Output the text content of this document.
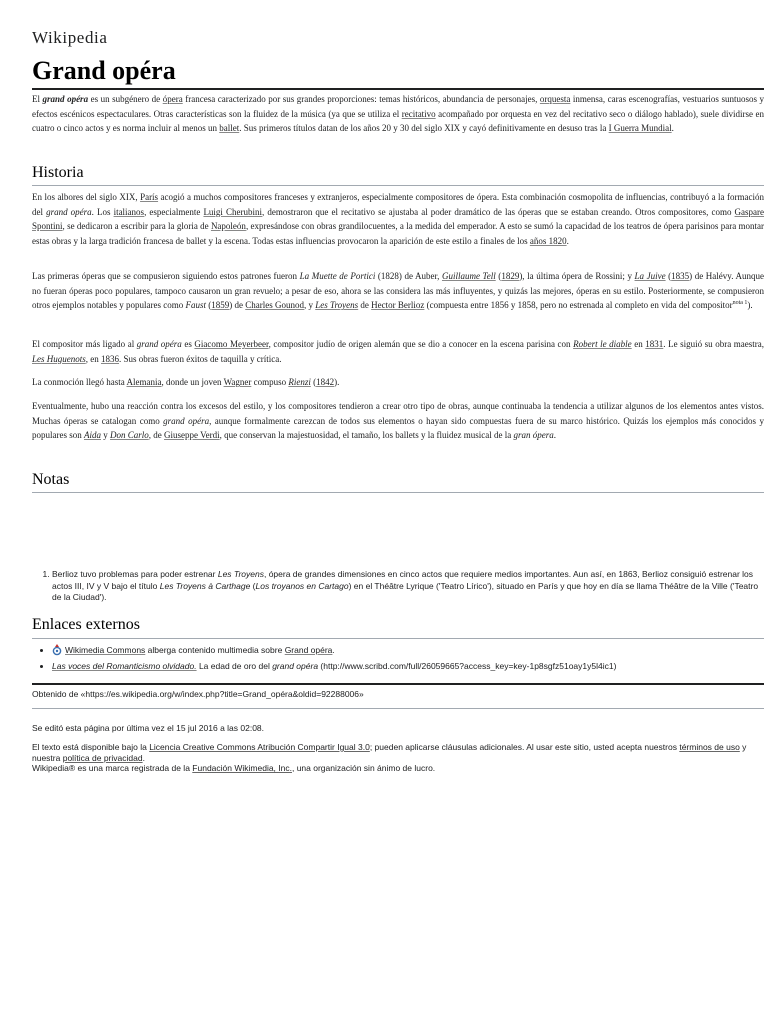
Wikipedia
Grand opéra

El grand opéra es un subgénero de ópera francesa caracterizado por sus grandes proporciones: temas históricos, abundancia de personajes, orquesta inmensa, caras escenografías, vestuarios suntuosos y efectos escénicos espectaculares. Otras características son la fluidez de la música (ya que se utiliza el recitativo acompañado por orquesta en vez del recitativo seco o diálogo hablado), suele dividirse en cuatro o cinco actos y es norma incluir al menos un ballet. Sus primeros títulos datan de los años 20 y 30 del siglo XIX y cayó definitivamente en desuso tras la I Guerra Mundial.

Historia

En los albores del siglo XIX, París acogió a muchos compositores franceses y extranjeros, especialmente compositores de ópera. Esta combinación cosmopolita de influencias, contribuyó a la formación del grand opéra. Los italianos, especialmente Luigi Cherubini, demostraron que el recitativo se ajustaba al poder dramático de las óperas que se estaban creando. Otros compositores, como Gaspare Spontini, se dedicaron a escribir para la gloria de Napoleón, expresándose con obras grandilocuentes, a la medida del emperador. A esto se sumó la capacidad de los teatros de ópera parisinos para montar estas obras y la larga tradición francesa de ballet y la escena. Todas estas influencias provocaron la aparición de este estilo a finales de los años 1820.

Las primeras óperas que se compusieron siguiendo estos patrones fueron La Muette de Portici (1828) de Auber, Guillaume Tell (1829), la última ópera de Rossini; y La Juive (1835) de Halévy. Aunque no fueran óperas poco populares, tampoco causaron un gran revuelo; a pesar de eso, ahora se las considera las más influyentes, y quizás las mejores, óperas en su estilo. Posteriormente, se compusieron otros ejemplos notables y populares como Faust (1859) de Charles Gounod, y Les Troyens de Hector Berlioz (compuesta entre 1856 y 1858, pero no estrenada al completo en vida del compositor$^{nota 1}$).

El compositor más ligado al grand opéra es Giacomo Meyerbeer, compositor judío de origen alemán que se dio a conocer en la escena parisina con Robert le diable en 1831. Le siguió su obra maestra, Les Huguenots, en 1836. Sus obras fueron éxitos de taquilla y crítica.

La conmoción llegó hasta Alemania, donde un joven Wagner compuso Rienzi (1842).

Eventualmente, hubo una reacción contra los excesos del estilo, y los compositores tendieron a crear otro tipo de obras, aunque continuaba la tendencia a utilizar algunos de los elementos antes vistos. Muchas óperas se catalogan como grand opéra, aunque formalmente carezcan de todos sus elementos o hayan sido compuestas fuera de su marco histórico. Quizás los ejemplos más conocidos y populares son Aida y Don Carlo, de Giuseppe Verdi, que conservan la majestuosidad, el tamaño, los ballets y la fluidez musical de la gran ópera.

Notas
1. Berlioz tuvo problemas para poder estrenar Les Troyens, ópera de grandes dimensiones en cinco actos que requiere medios importantes. Aun así, en 1863, Berlioz consiguió estrenar los actos III, IV y V bajo el título Les Troyens à Carthage (Los troyanos en Cartago) en el Théâtre Lyrique ('Teatro Lírico'), situado en París y que hoy en día se llama Théâtre de la Ville ('Teatro de la Ciudad').
Enlaces externos
• Wikimedia Commons alberga contenido multimedia sobre Grand opéra.
• Las voces del Romanticismo olvidado. La edad de oro del grand opéra (http://www.scribd.com/full/26059665?access_key=key-1p8sgfz51oay1y5l4ic1)
Obtenido de «https://es.wikipedia.org/w/index.php?title=Grand_opéra&oldid=92288006»
Se editó esta página por última vez el 15 jul 2016 a las 02:08.
El texto está disponible bajo la Licencia Creative Commons Atribución Compartir Igual 3.0; pueden aplicarse cláusulas adicionales. Al usar este sitio, usted acepta nuestros términos de uso y nuestra política de privacidad.
Wikipedia® es una marca registrada de la Fundación Wikimedia, Inc., una organización sin ánimo de lucro.
